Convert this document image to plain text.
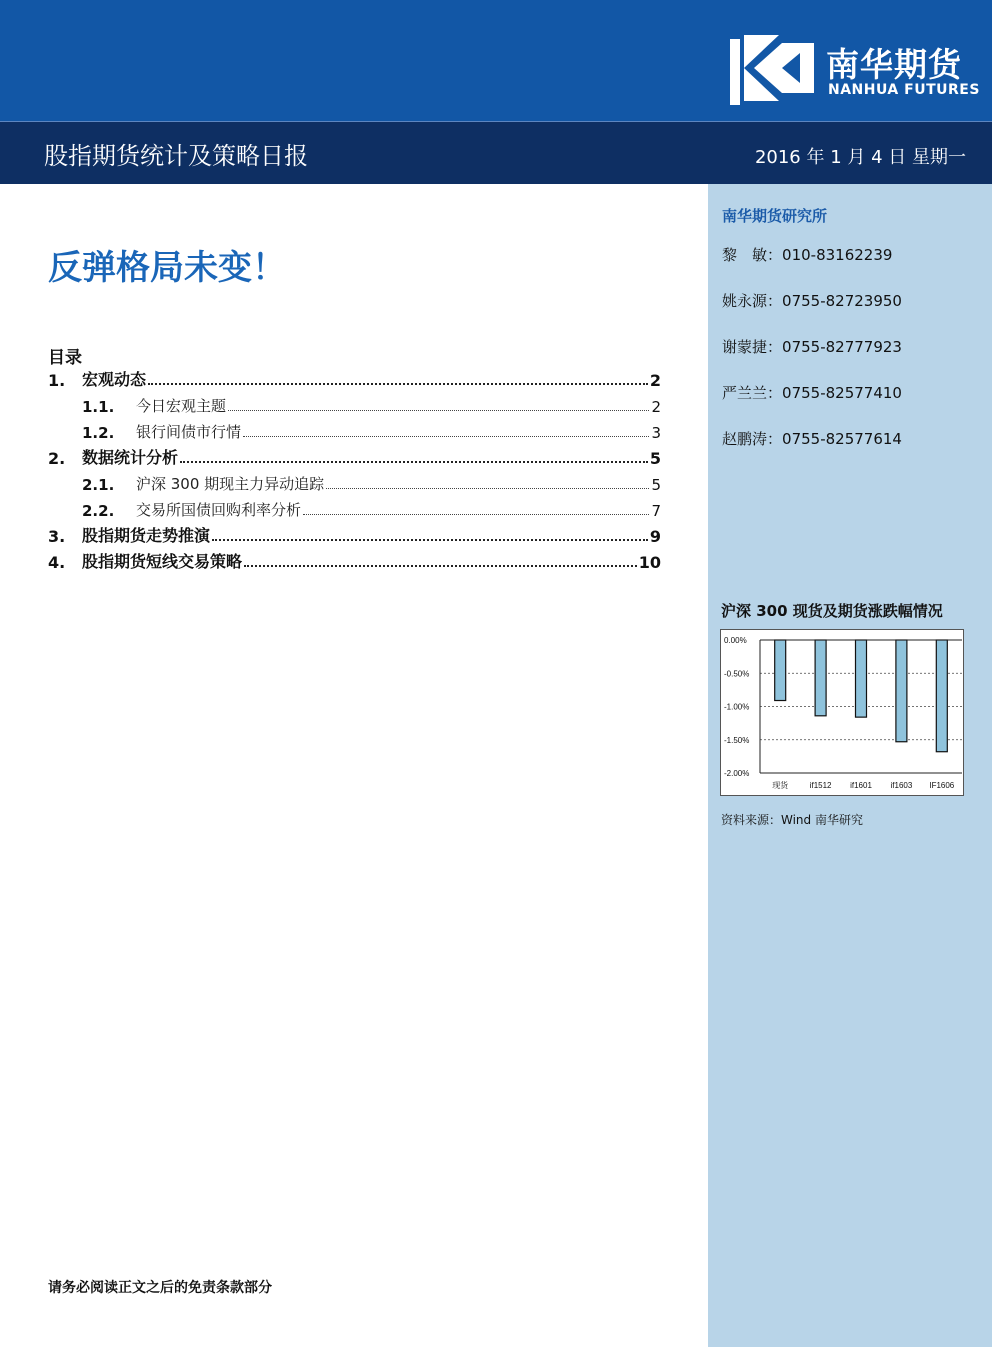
南华期货
NANHUA FUTURES
股指期货统计及策略日报	2016 年 1 月 4 日 星期一
反弹格局未变！
目录
1.	宏观动态	2
1.1.	今日宏观主题	2
1.2.	银行间债市行情	3
2.	数据统计分析	5
2.1.	沪深 300 期现主力异动追踪	5
2.2.	交易所国债回购利率分析	7
3.	股指期货走势推演	9
4.	股指期货短线交易策略	10
南华期货研究所
黎　敏：010-83162239
姚永源：0755-82723950
谢蒙捷：0755-82777923
严兰兰：0755-82577410
赵鹏涛：0755-82577614
沪深 300 现货及期货涨跌幅情况
0.00%
-0.50%
-1.00%
-1.50%
-2.00%
现货	if1512 if1601 if1603 IF1606
资料来源：Wind 南华研究
请务必阅读正文之后的免责条款部分
